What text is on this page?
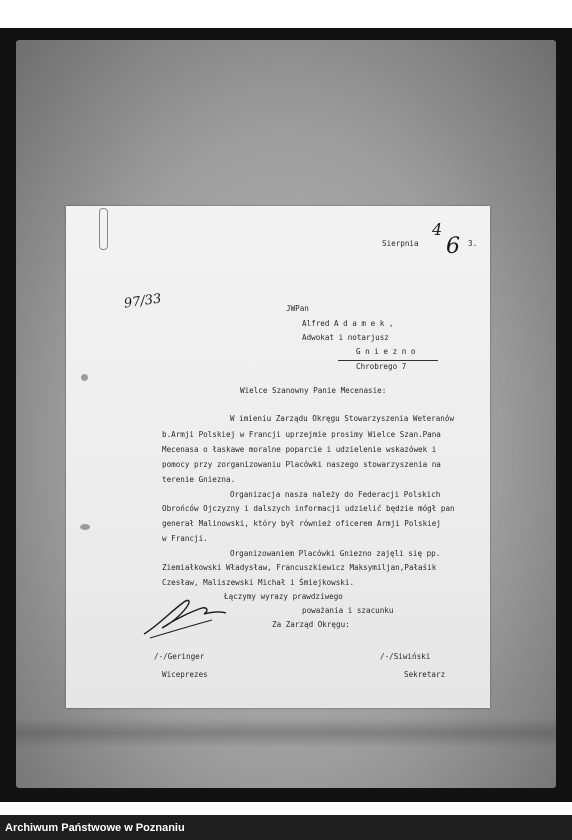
Sierpnia
4
6 3.
97/33	JWPan
Alfred A d a m e k ,
Adwokat i notarjusz
G n i e z n o
Chrobrego 7
Wielce Szanowny Panie Mecenasie:
W imieniu Zarządu Okręgu Stowarzyszenia Weteranów
b.Armji Polskiej w Francji uprzejmie prosimy Wielce Szan.Pana
Mecenasa o łaskawe moralne poparcie i udzielenie wskazówek i
pomocy przy zorganizowaniu Placówki naszego stowarzyszenia na
terenie Gniezna.
Organizacja nasza należy do Federacji Polskich
Obrońców Ojczyzny i dalszych informacji udzielić będzie mógł pan
generał Malinowski, który był również oficerem Armji Polskiej
w Francji.
Organizowaniem Placówki Gniezno zajęli się pp.
Ziemiałkowski Władysław, Francuszkiewicz Maksymiljan,Pałaśik
Czesław, Maliszewski Michał i Śmiejkowski.
Łączymy wyrazy prawdziwego
poważania i szacunku
Za Zarząd Okręgu:
/-/Geringer
Wiceprezes
/-/Siwiński
Sekretarz
Archiwum Państwowe w Poznaniu
